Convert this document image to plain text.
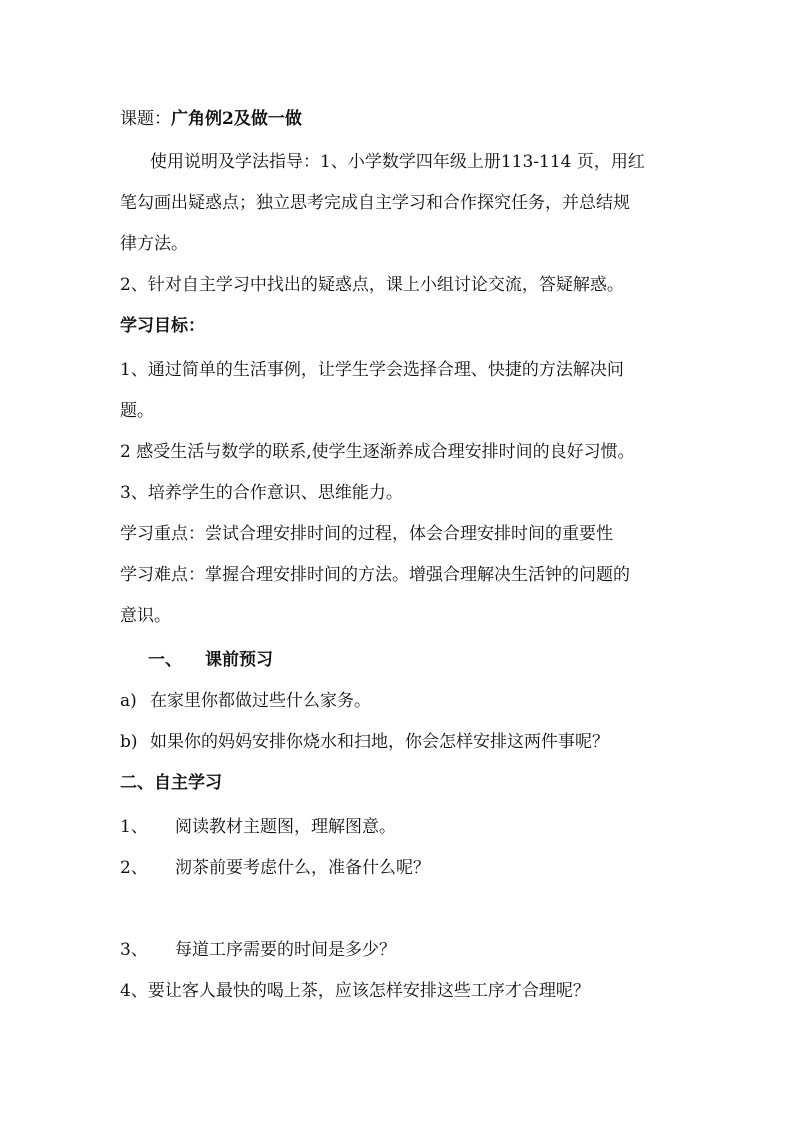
课题：广角例2及做一做
使用说明及学法指导：1、小学数学四年级上册113-114 页，用红
笔勾画出疑惑点；独立思考完成自主学习和合作探究任务，并总结规
律方法。
2、针对自主学习中找出的疑惑点，课上小组讨论交流，答疑解惑。
学习目标：
1、通过简单的生活事例，让学生学会选择合理、快捷的方法解决问
题。
2 感受生活与数学的联系,使学生逐渐养成合理安排时间的良好习惯。
3、培养学生的合作意识、思维能力。
学习重点：尝试合理安排时间的过程，体会合理安排时间的重要性
学习难点：掌握合理安排时间的方法。增强合理解决生活钟的问题的
意识。
一、 课前预习
a) 在家里你都做过些什么家务。
b) 如果你的妈妈安排你烧水和扫地，你会怎样安排这两件事呢？
二、自主学习
1、 阅读教材主题图，理解图意。
2、 沏茶前要考虑什么，准备什么呢？
3、 每道工序需要的时间是多少？
4、要让客人最快的喝上茶，应该怎样安排这些工序才合理呢？
